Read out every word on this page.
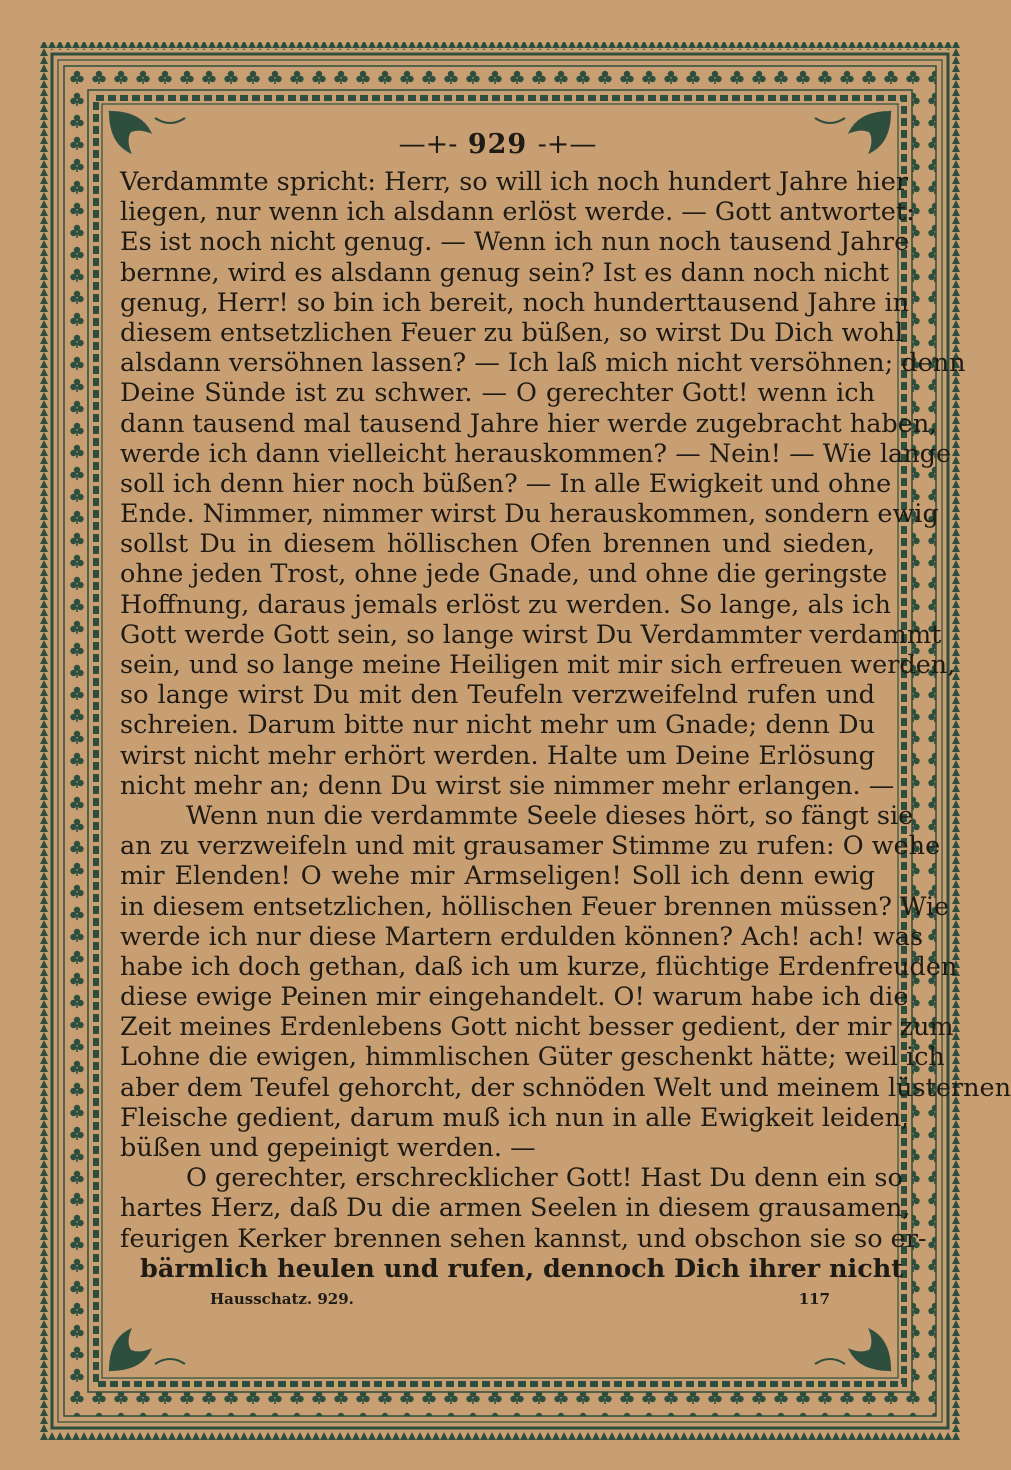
—+- 929 -+—
Verdammte spricht: Herr, so will ich noch hundert Jahre hier
liegen, nur wenn ich alsdann erlöst werde. — Gott antwortet:
Es ist noch nicht genug. — Wenn ich nun noch tausend Jahre
bernne, wird es alsdann genug sein? Ist es dann noch nicht
genug, Herr! so bin ich bereit, noch hunderttausend Jahre in
diesem entsetzlichen Feuer zu büßen, so wirst Du Dich wohl
alsdann versöhnen lassen? — Ich laß mich nicht versöhnen; denn
Deine Sünde ist zu schwer. — O gerechter Gott! wenn ich
dann tausend mal tausend Jahre hier werde zugebracht haben,
werde ich dann vielleicht herauskommen? — Nein! — Wie lange
soll ich denn hier noch büßen? — In alle Ewigkeit und ohne
Ende. Nimmer, nimmer wirst Du herauskommen, sondern ewig
sollst Du in diesem höllischen Ofen brennen und sieden,
ohne jeden Trost, ohne jede Gnade, und ohne die geringste
Hoffnung, daraus jemals erlöst zu werden. So lange, als ich
Gott werde Gott sein, so lange wirst Du Verdammter verdammt
sein, und so lange meine Heiligen mit mir sich erfreuen werden,
so lange wirst Du mit den Teufeln verzweifelnd rufen und
schreien. Darum bitte nur nicht mehr um Gnade; denn Du
wirst nicht mehr erhört werden. Halte um Deine Erlösung
nicht mehr an; denn Du wirst sie nimmer mehr erlangen. —
Wenn nun die verdammte Seele dieses hört, so fängt sie
an zu verzweifeln und mit grausamer Stimme zu rufen: O wehe
mir Elenden! O wehe mir Armseligen! Soll ich denn ewig
in diesem entsetzlichen, höllischen Feuer brennen müssen? Wie
werde ich nur diese Martern erdulden können? Ach! ach! was
habe ich doch gethan, daß ich um kurze, flüchtige Erdenfreuden
diese ewige Peinen mir eingehandelt. O! warum habe ich die
Zeit meines Erdenlebens Gott nicht besser gedient, der mir zum
Lohne die ewigen, himmlischen Güter geschenkt hätte; weil ich
aber dem Teufel gehorcht, der schnöden Welt und meinem lüsternen
Fleische gedient, darum muß ich nun in alle Ewigkeit leiden,
büßen und gepeinigt werden. —
O gerechter, erschrecklicher Gott! Hast Du denn ein so
hartes Herz, daß Du die armen Seelen in diesem grausamen,
feurigen Kerker brennen sehen kannst, und obschon sie so er-
bärmlich heulen und rufen, dennoch Dich ihrer nicht
Hausschatz. 929.	117
